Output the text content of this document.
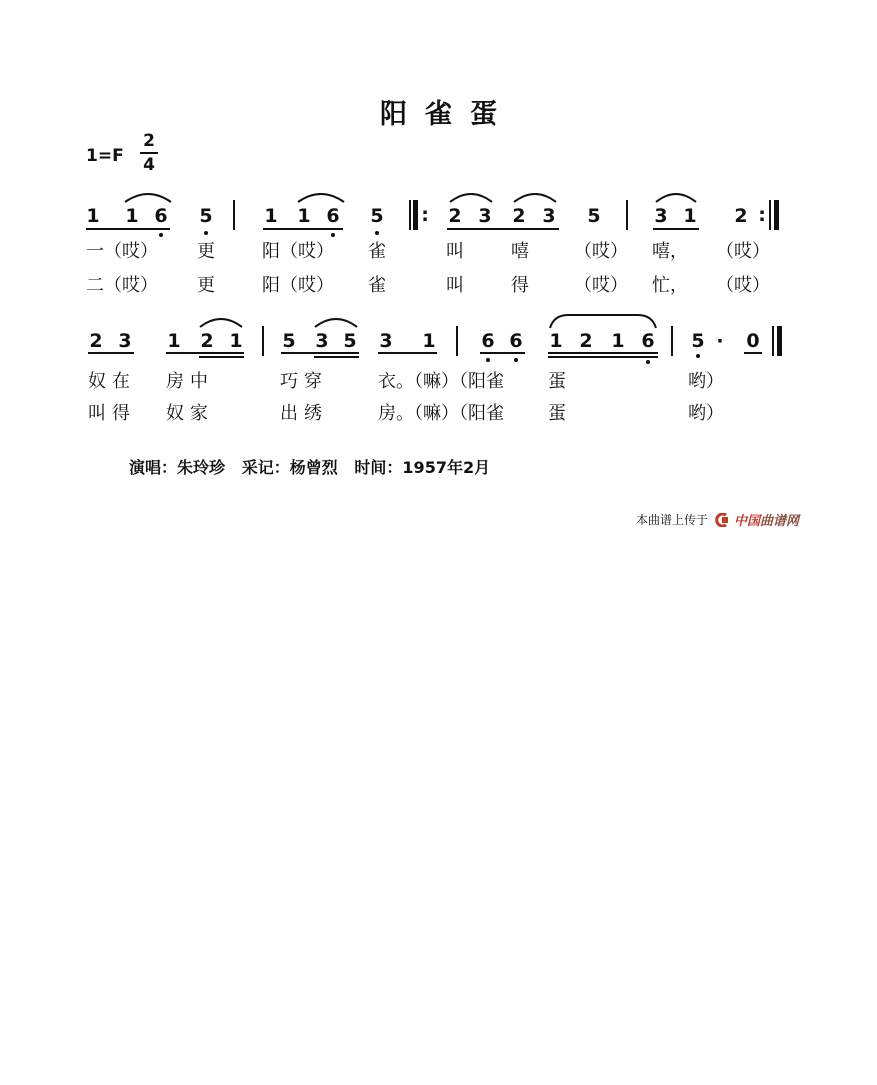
阳雀蛋
1=F
2
4
1 1 6 5	1 1 6 5 : 2 3 2 3 5	3 1 2 :
一（哎） 更	阳（哎） 雀	叫	嘻	（哎） 嘻， （哎）
二（哎） 更	阳（哎） 雀	叫	得	（哎） 忙， （哎）
2 3 1 2 1 5 3 5 3 1 6 6 1 2 1 6 5 · 0
奴在 房中	巧穿	衣。（嘛）（阳雀 蛋	哟）
叫得 奴家	出绣	房。（嘛）（阳雀 蛋	哟）
演唱：朱玲珍   采记：杨曾烈   时间：1957年2月
本曲谱上传于 中国曲谱网
